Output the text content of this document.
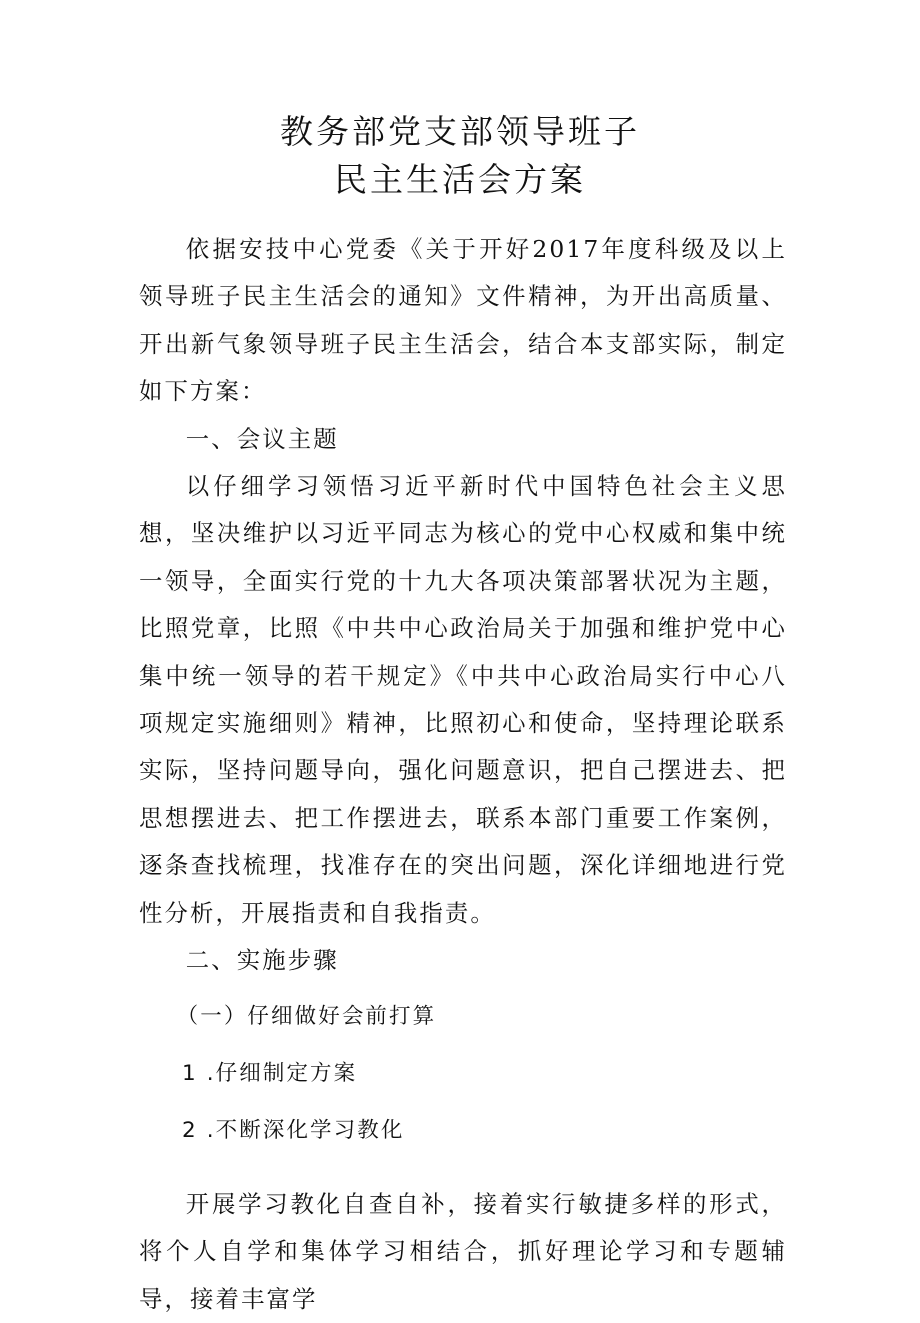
教务部党支部领导班子
民主生活会方案

依据安技中心党委《关于开好2017年度科级及以上领导班子民主生活会的通知》文件精神，为开出高质量、开出新气象领导班子民主生活会，结合本支部实际，制定如下方案：

一、会议主题

以仔细学习领悟习近平新时代中国特色社会主义思想，坚决维护以习近平同志为核心的党中心权威和集中统一领导，全面实行党的十九大各项决策部署状况为主题，比照党章，比照《中共中心政治局关于加强和维护党中心集中统一领导的若干规定》《中共中心政治局实行中心八项规定实施细则》精神，比照初心和使命，坚持理论联系实际，坚持问题导向，强化问题意识，把自己摆进去、把思想摆进去、把工作摆进去，联系本部门重要工作案例，逐条查找梳理，找准存在的突出问题，深化详细地进行党性分析，开展指责和自我指责。

二、实施步骤

（一）仔细做好会前打算

1 .仔细制定方案

2 .不断深化学习教化

开展学习教化自查自补，接着实行敏捷多样的形式，将个人自学和集体学习相结合，抓好理论学习和专题辅导，接着丰富学
